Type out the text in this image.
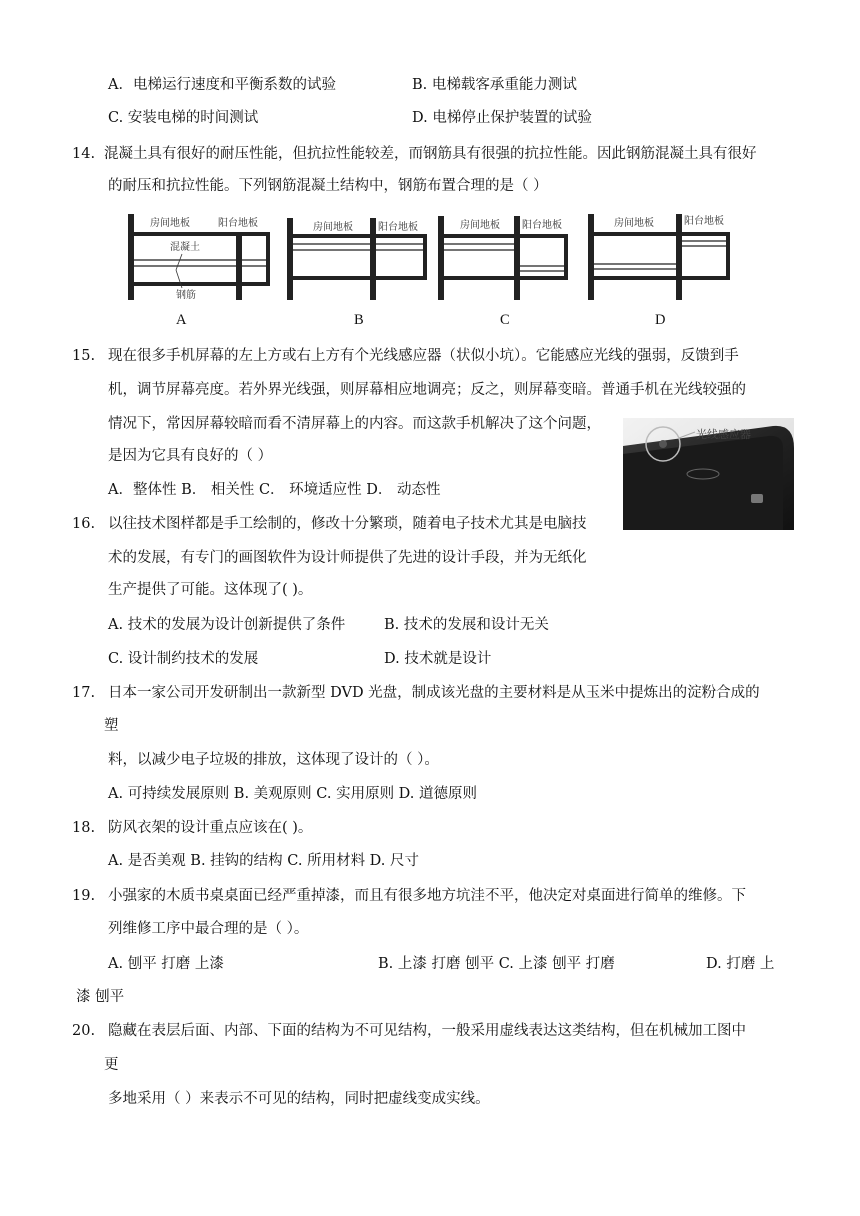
A．电梯运行速度和平衡系数的试验	B. 电梯载客承重能力测试
C. 安装电梯的时间测试	D. 电梯停止保护装置的试验
14. 混凝土具有很好的耐压性能，但抗拉性能较差，而钢筋具有很强的抗拉性能。因此钢筋混凝土具有很好
的耐压和抗拉性能。下列钢筋混凝土结构中，钢筋布置合理的是（ ）
房间地板	阳台地板
混凝土
钢筋
房间地板	阳台地板	房间地板 阳台地板	房间地板	阳台地板
A	B	C	D
15. 现在很多手机屏幕的左上方或右上方有个光线感应器（状似小坑）。它能感应光线的强弱，反馈到手
机，调节屏幕亮度。若外界光线强，则屏幕相应地调亮；反之，则屏幕变暗。普通手机在光线较强的
情况下，常因屏幕较暗而看不清屏幕上的内容。而这款手机解决了这个问题，
是因为它具有良好的（ ）
A．整体性 B． 相关性 C． 环境适应性 D． 动态性
光线感应器
16. 以往技术图样都是手工绘制的，修改十分繁琐，随着电子技术尤其是电脑技
术的发展，有专门的画图软件为设计师提供了先进的设计手段，并为无纸化
生产提供了可能。这体现了( )。
A. 技术的发展为设计创新提供了条件	B. 技术的发展和设计无关
C. 设计制约技术的发展	D. 技术就是设计
17. 日本一家公司开发研制出一款新型 DVD 光盘，制成该光盘的主要材料是从玉米中提炼出的淀粉合成的
塑
料，以减少电子垃圾的排放，这体现了设计的（ ）。
A. 可持续发展原则 B. 美观原则 C. 实用原则 D. 道德原则
18. 防风衣架的设计重点应该在( )。
A. 是否美观 B. 挂钩的结构 C. 所用材料 D. 尺寸
19. 小强家的木质书桌桌面已经严重掉漆，而且有很多地方坑洼不平，他决定对桌面进行简单的维修。下
列维修工序中最合理的是（ ）。
A. 刨平 打磨 上漆	B. 上漆 打磨 刨平 C. 上漆 刨平 打磨	D. 打磨 上
漆 刨平
20. 隐藏在表层后面、内部、下面的结构为不可见结构，一般采用虚线表达这类结构，但在机械加工图中
更
多地采用（ ）来表示不可见的结构，同时把虚线变成实线。
